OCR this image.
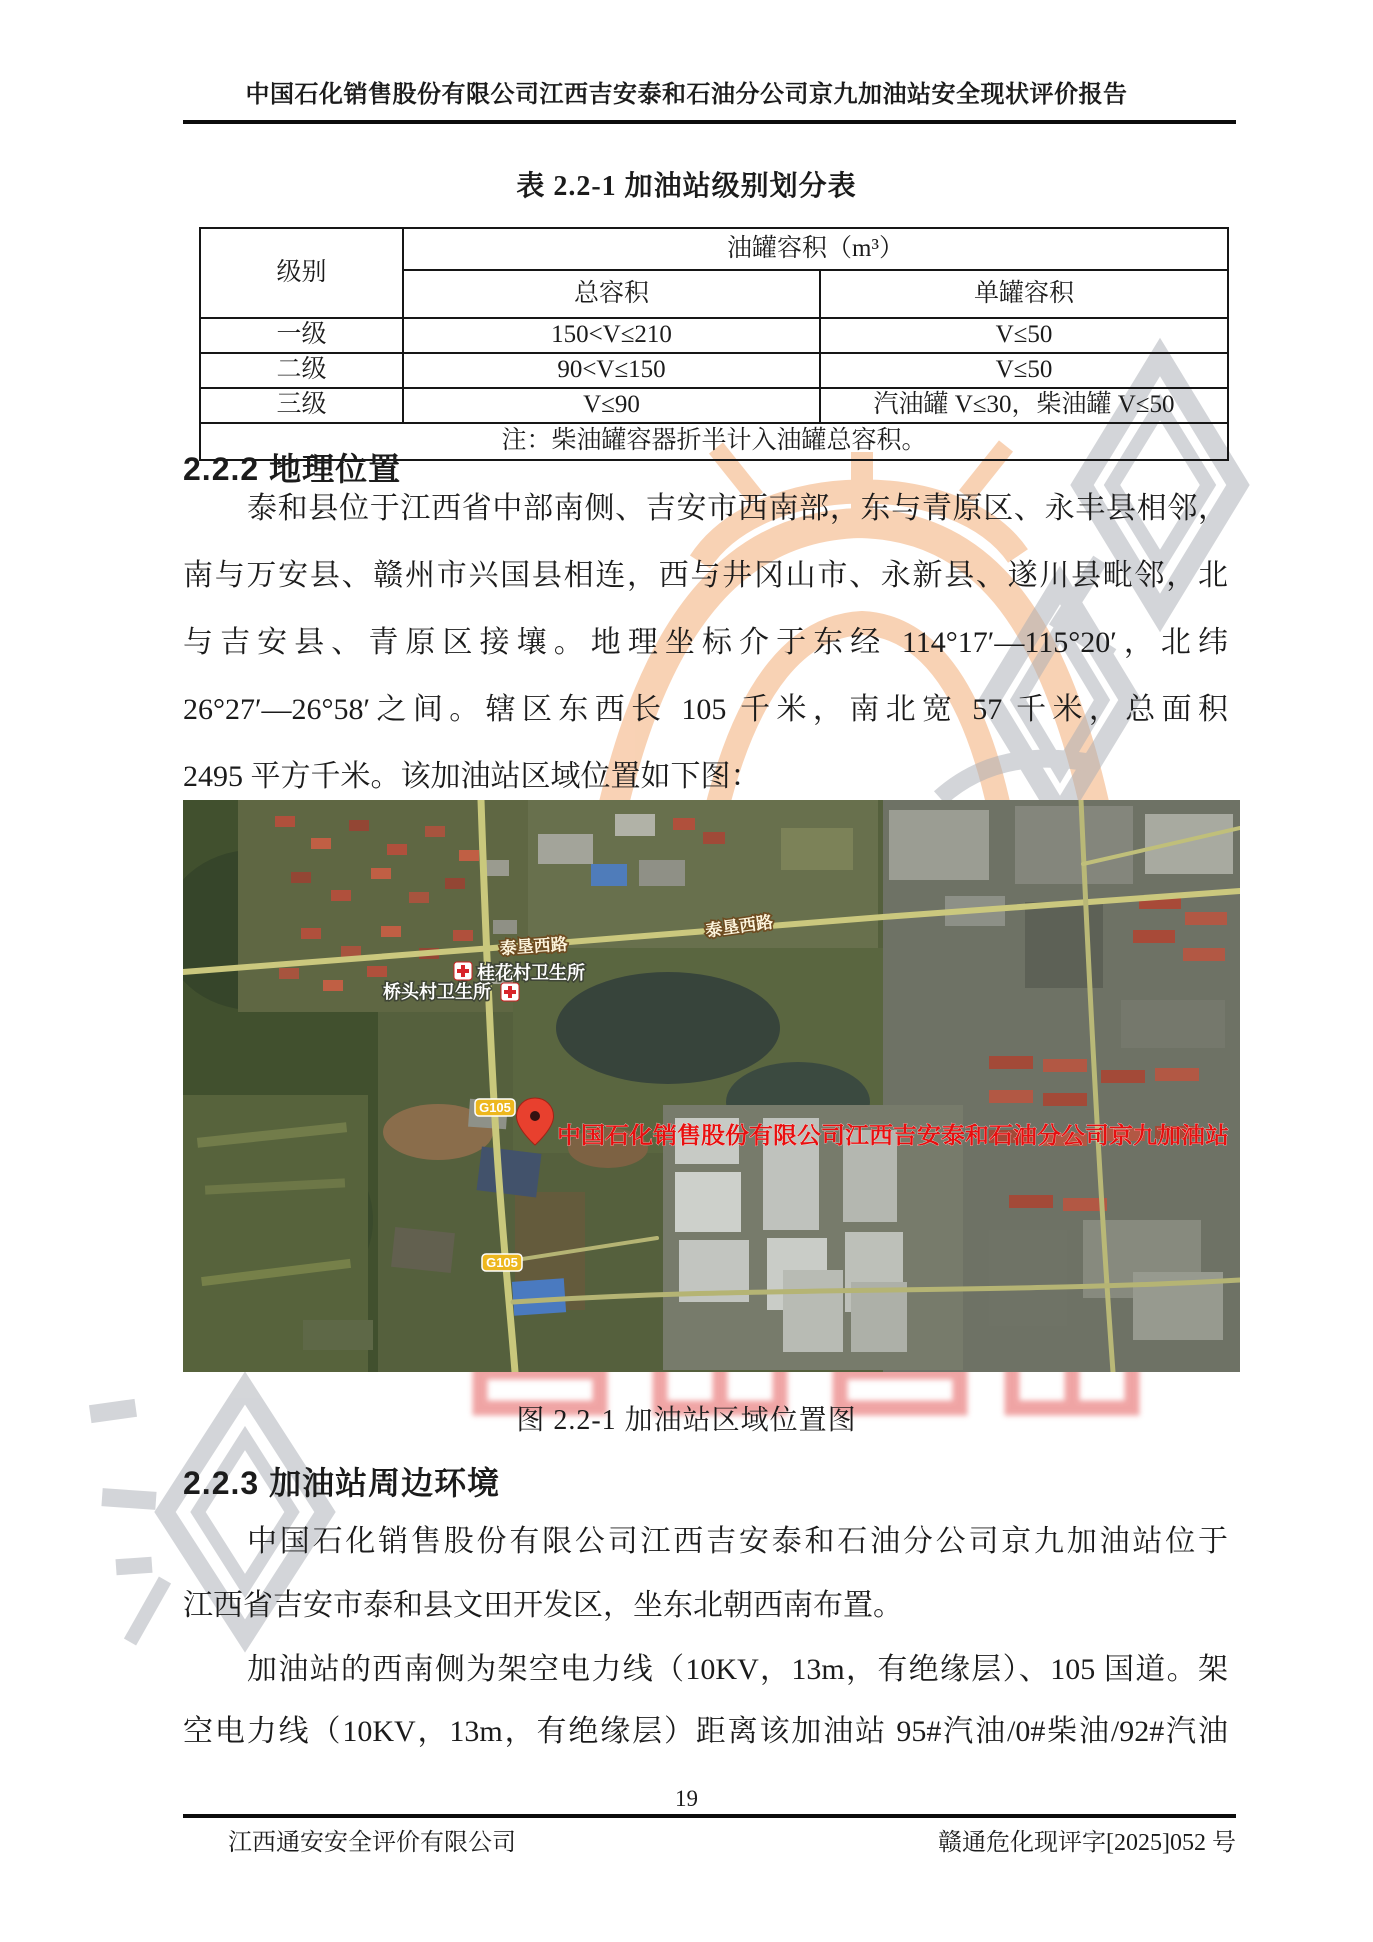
中国石化销售股份有限公司江西吉安泰和石油分公司京九加油站安全现状评价报告
表 2.2-1 加油站级别划分表
级别	油罐容积（m³）	
	总容积	单罐容积
一级	150<V≤210	V≤50
二级	90<V≤150	V≤50
三级	V≤90	汽油罐 V≤30，柴油罐 V≤50
注：柴油罐容器折半计入油罐总容积。		
2.2.2 地理位置
泰和县位于江西省中部南侧、吉安市西南部，东与青原区、永丰县相邻，
南与万安县、赣州市兴国县相连，西与井冈山市、永新县、遂川县毗邻，北
与吉安县、青原区接壤。地理坐标介于东经 114°17′—115°20′，北纬
26°27′—26°58′之间。辖区东西长 105 千米，南北宽 57 千米，总面积
2495 平方千米。该加油站区域位置如下图：
泰垦西路
泰垦西路
桂花村卫生所
桥头村卫生所
G105
G105
中国石化销售股份有限公司江西吉安泰和石油分公司京九加油站
图 2.2-1 加油站区域位置图
2.2.3 加油站周边环境
中国石化销售股份有限公司江西吉安泰和石油分公司京九加油站位于
江西省吉安市泰和县文田开发区，坐东北朝西南布置。
加油站的西南侧为架空电力线（10KV，13m，有绝缘层）、105 国道。架
空电力线（10KV，13m，有绝缘层）距离该加油站 95#汽油/0#柴油/92#汽油
19
江西通安安全评价有限公司	赣通危化现评字[2025]052 号
